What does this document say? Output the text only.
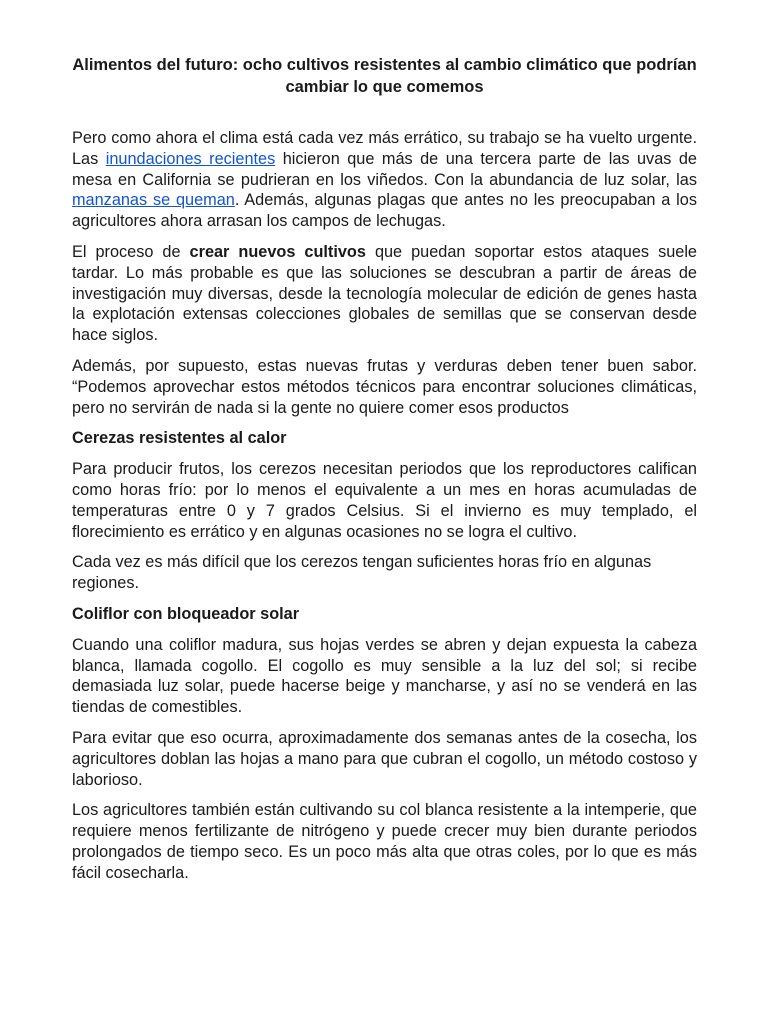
Alimentos del futuro: ocho cultivos resistentes al cambio climático que podrían cambiar lo que comemos

Pero como ahora el clima está cada vez más errático, su trabajo se ha vuelto urgente. Las inundaciones recientes hicieron que más de una tercera parte de las uvas de mesa en California se pudrieran en los viñedos. Con la abundancia de luz solar, las manzanas se queman. Además, algunas plagas que antes no les preocupaban a los agricultores ahora arrasan los campos de lechugas.

El proceso de crear nuevos cultivos que puedan soportar estos ataques suele tardar. Lo más probable es que las soluciones se descubran a partir de áreas de investigación muy diversas, desde la tecnología molecular de edición de genes hasta la explotación extensas colecciones globales de semillas que se conservan desde hace siglos.

Además, por supuesto, estas nuevas frutas y verduras deben tener buen sabor. “Podemos aprovechar estos métodos técnicos para encontrar soluciones climáticas, pero no servirán de nada si la gente no quiere comer esos productos

Cerezas resistentes al calor

Para producir frutos, los cerezos necesitan periodos que los reproductores califican como horas frío: por lo menos el equivalente a un mes en horas acumuladas de temperaturas entre 0 y 7 grados Celsius. Si el invierno es muy templado, el florecimiento es errático y en algunas ocasiones no se logra el cultivo.

Cada vez es más difícil que los cerezos tengan suficientes horas frío en algunas regiones.

Coliflor con bloqueador solar

Cuando una coliflor madura, sus hojas verdes se abren y dejan expuesta la cabeza blanca, llamada cogollo. El cogollo es muy sensible a la luz del sol; si recibe demasiada luz solar, puede hacerse beige y mancharse, y así no se venderá en las tiendas de comestibles.

Para evitar que eso ocurra, aproximadamente dos semanas antes de la cosecha, los agricultores doblan las hojas a mano para que cubran el cogollo, un método costoso y laborioso.

Los agricultores también están cultivando su col blanca resistente a la intemperie, que requiere menos fertilizante de nitrógeno y puede crecer muy bien durante periodos prolongados de tiempo seco. Es un poco más alta que otras coles, por lo que es más fácil cosecharla.
